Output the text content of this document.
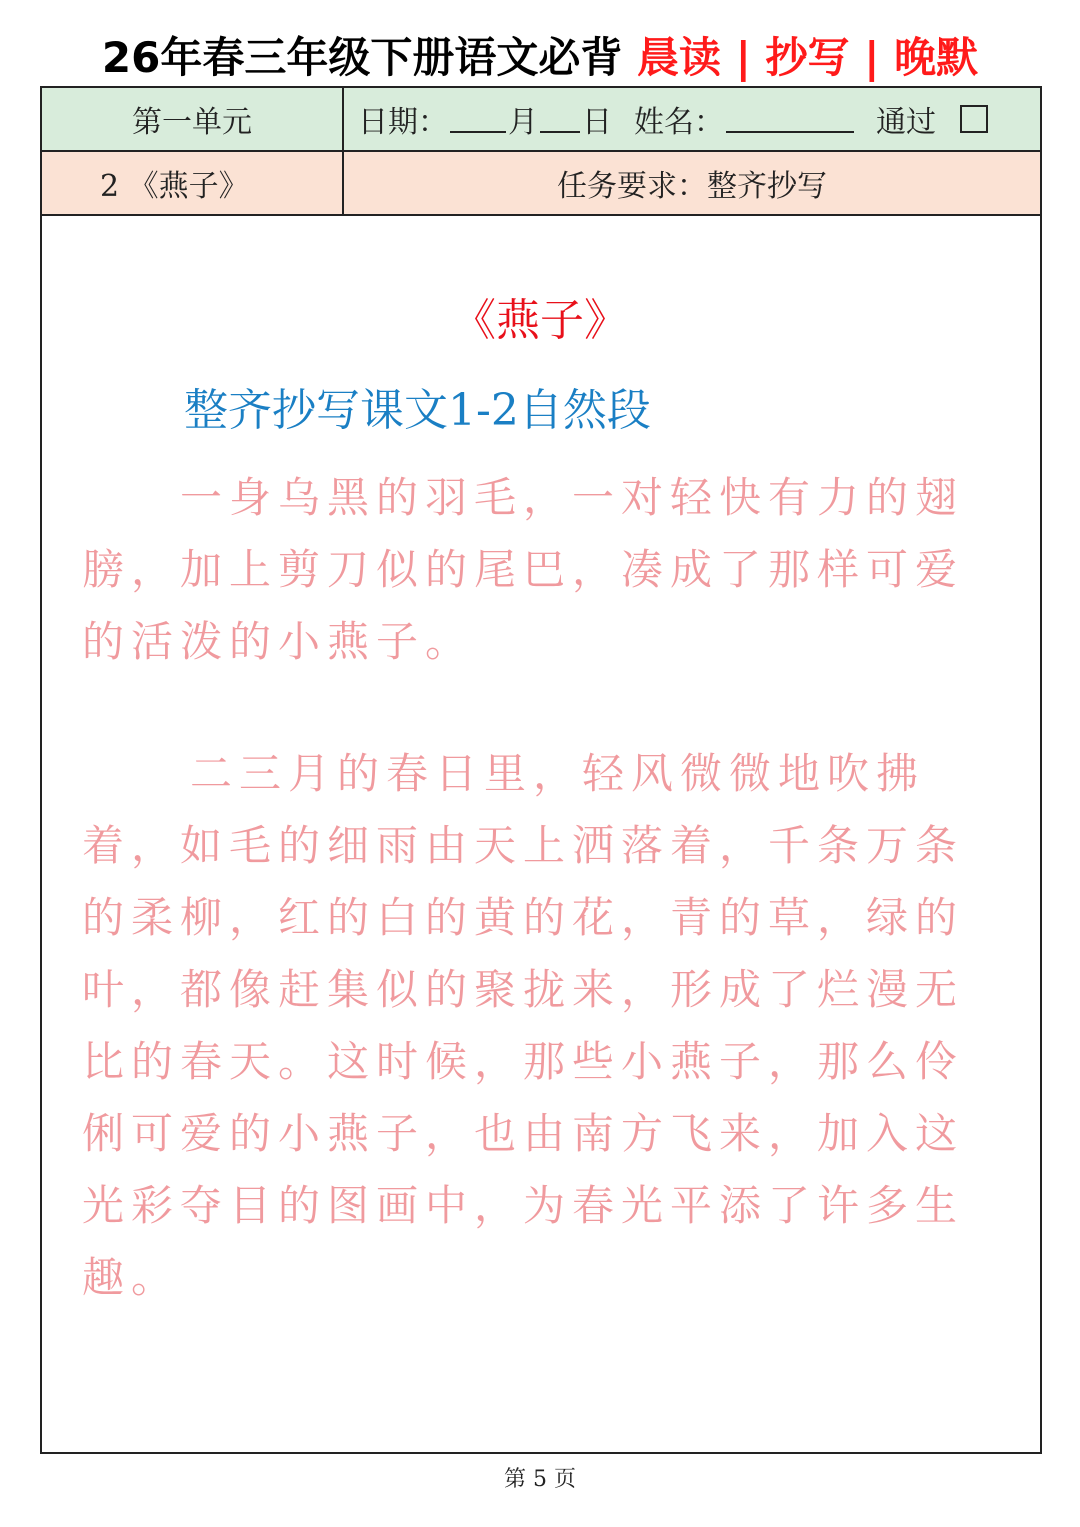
26年春三年级下册语文必背 晨读 | 抄写 | 晚默
第一单元	日期： 月 日 姓名：	通过
2 《燕子》	任务要求：整齐抄写
《燕子》
整齐抄写课文1-2自然段
一身乌黑的羽毛，一对轻快有力的翅膀，加上剪刀似的尾巴，凑成了那样可爱的活泼的小燕子。
二三月的春日里，轻风微微地吹拂着，如毛的细雨由天上洒落着，千条万条的柔柳，红的白的黄的花，青的草，绿的叶，都像赶集似的聚拢来，形成了烂漫无比的春天。这时候，那些小燕子，那么伶俐可爱的小燕子，也由南方飞来，加入这光彩夺目的图画中，为春光平添了许多生趣。
第 5 页
